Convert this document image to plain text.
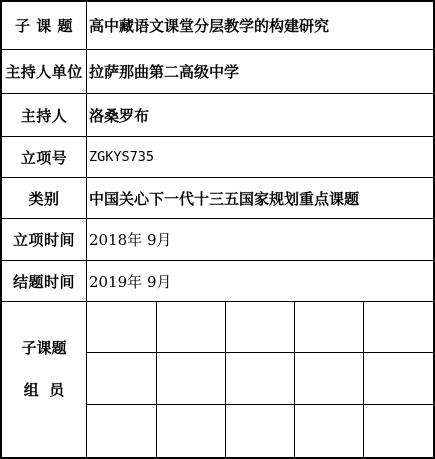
子 课 题	高中藏语文课堂分层教学的构建研究
主持人单位 拉萨那曲第二高级中学
主持人	洛桑罗布
立项号	ZGKYS735
类别	中国关心下一代十三五国家规划重点课题
立项时间 2018年 9月
结题时间 2019年 9月
子课题
组  员
